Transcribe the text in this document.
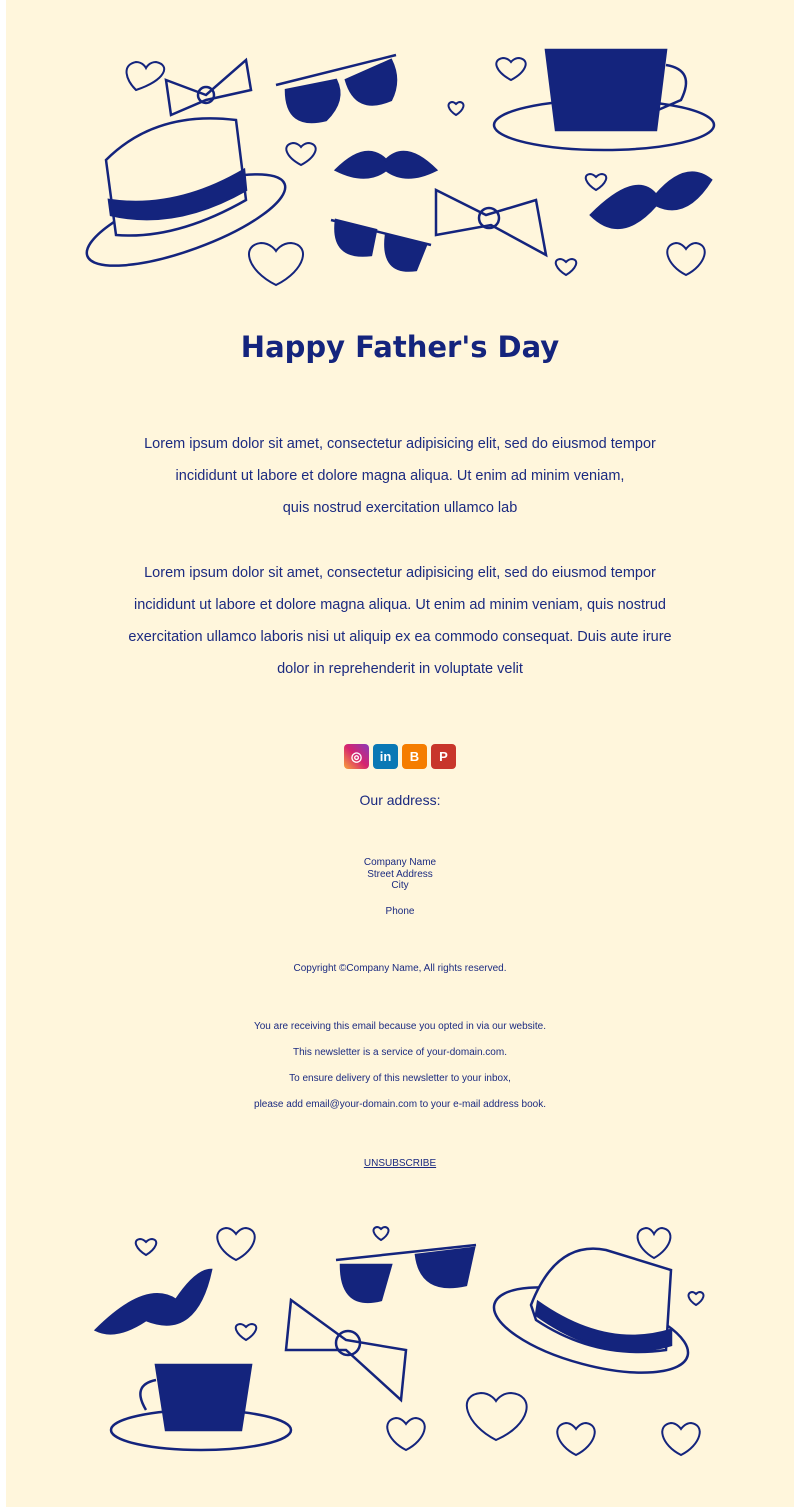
Happy Father's Day
Lorem ipsum dolor sit amet, consectetur adipisicing elit, sed do eiusmod tempor
incididunt ut labore et dolore magna aliqua. Ut enim ad minim veniam,
quis nostrud exercitation ullamco lab
Lorem ipsum dolor sit amet, consectetur adipisicing elit, sed do eiusmod tempor
incididunt ut labore et dolore magna aliqua. Ut enim ad minim veniam, quis nostrud
exercitation ullamco laboris nisi ut aliquip ex ea commodo consequat. Duis aute irure
dolor in reprehenderit in voluptate velit
◎	in	B	P
Our address:
Company Name
Street Address
City
Phone
Copyright ©Company Name, All rights reserved.

You are receiving this email because you opted in via our website.

This newsletter is a service of your-domain.com.

To ensure delivery of this newsletter to your inbox,

please add email@your-domain.com to your e-mail address book.

UNSUBSCRIBE
